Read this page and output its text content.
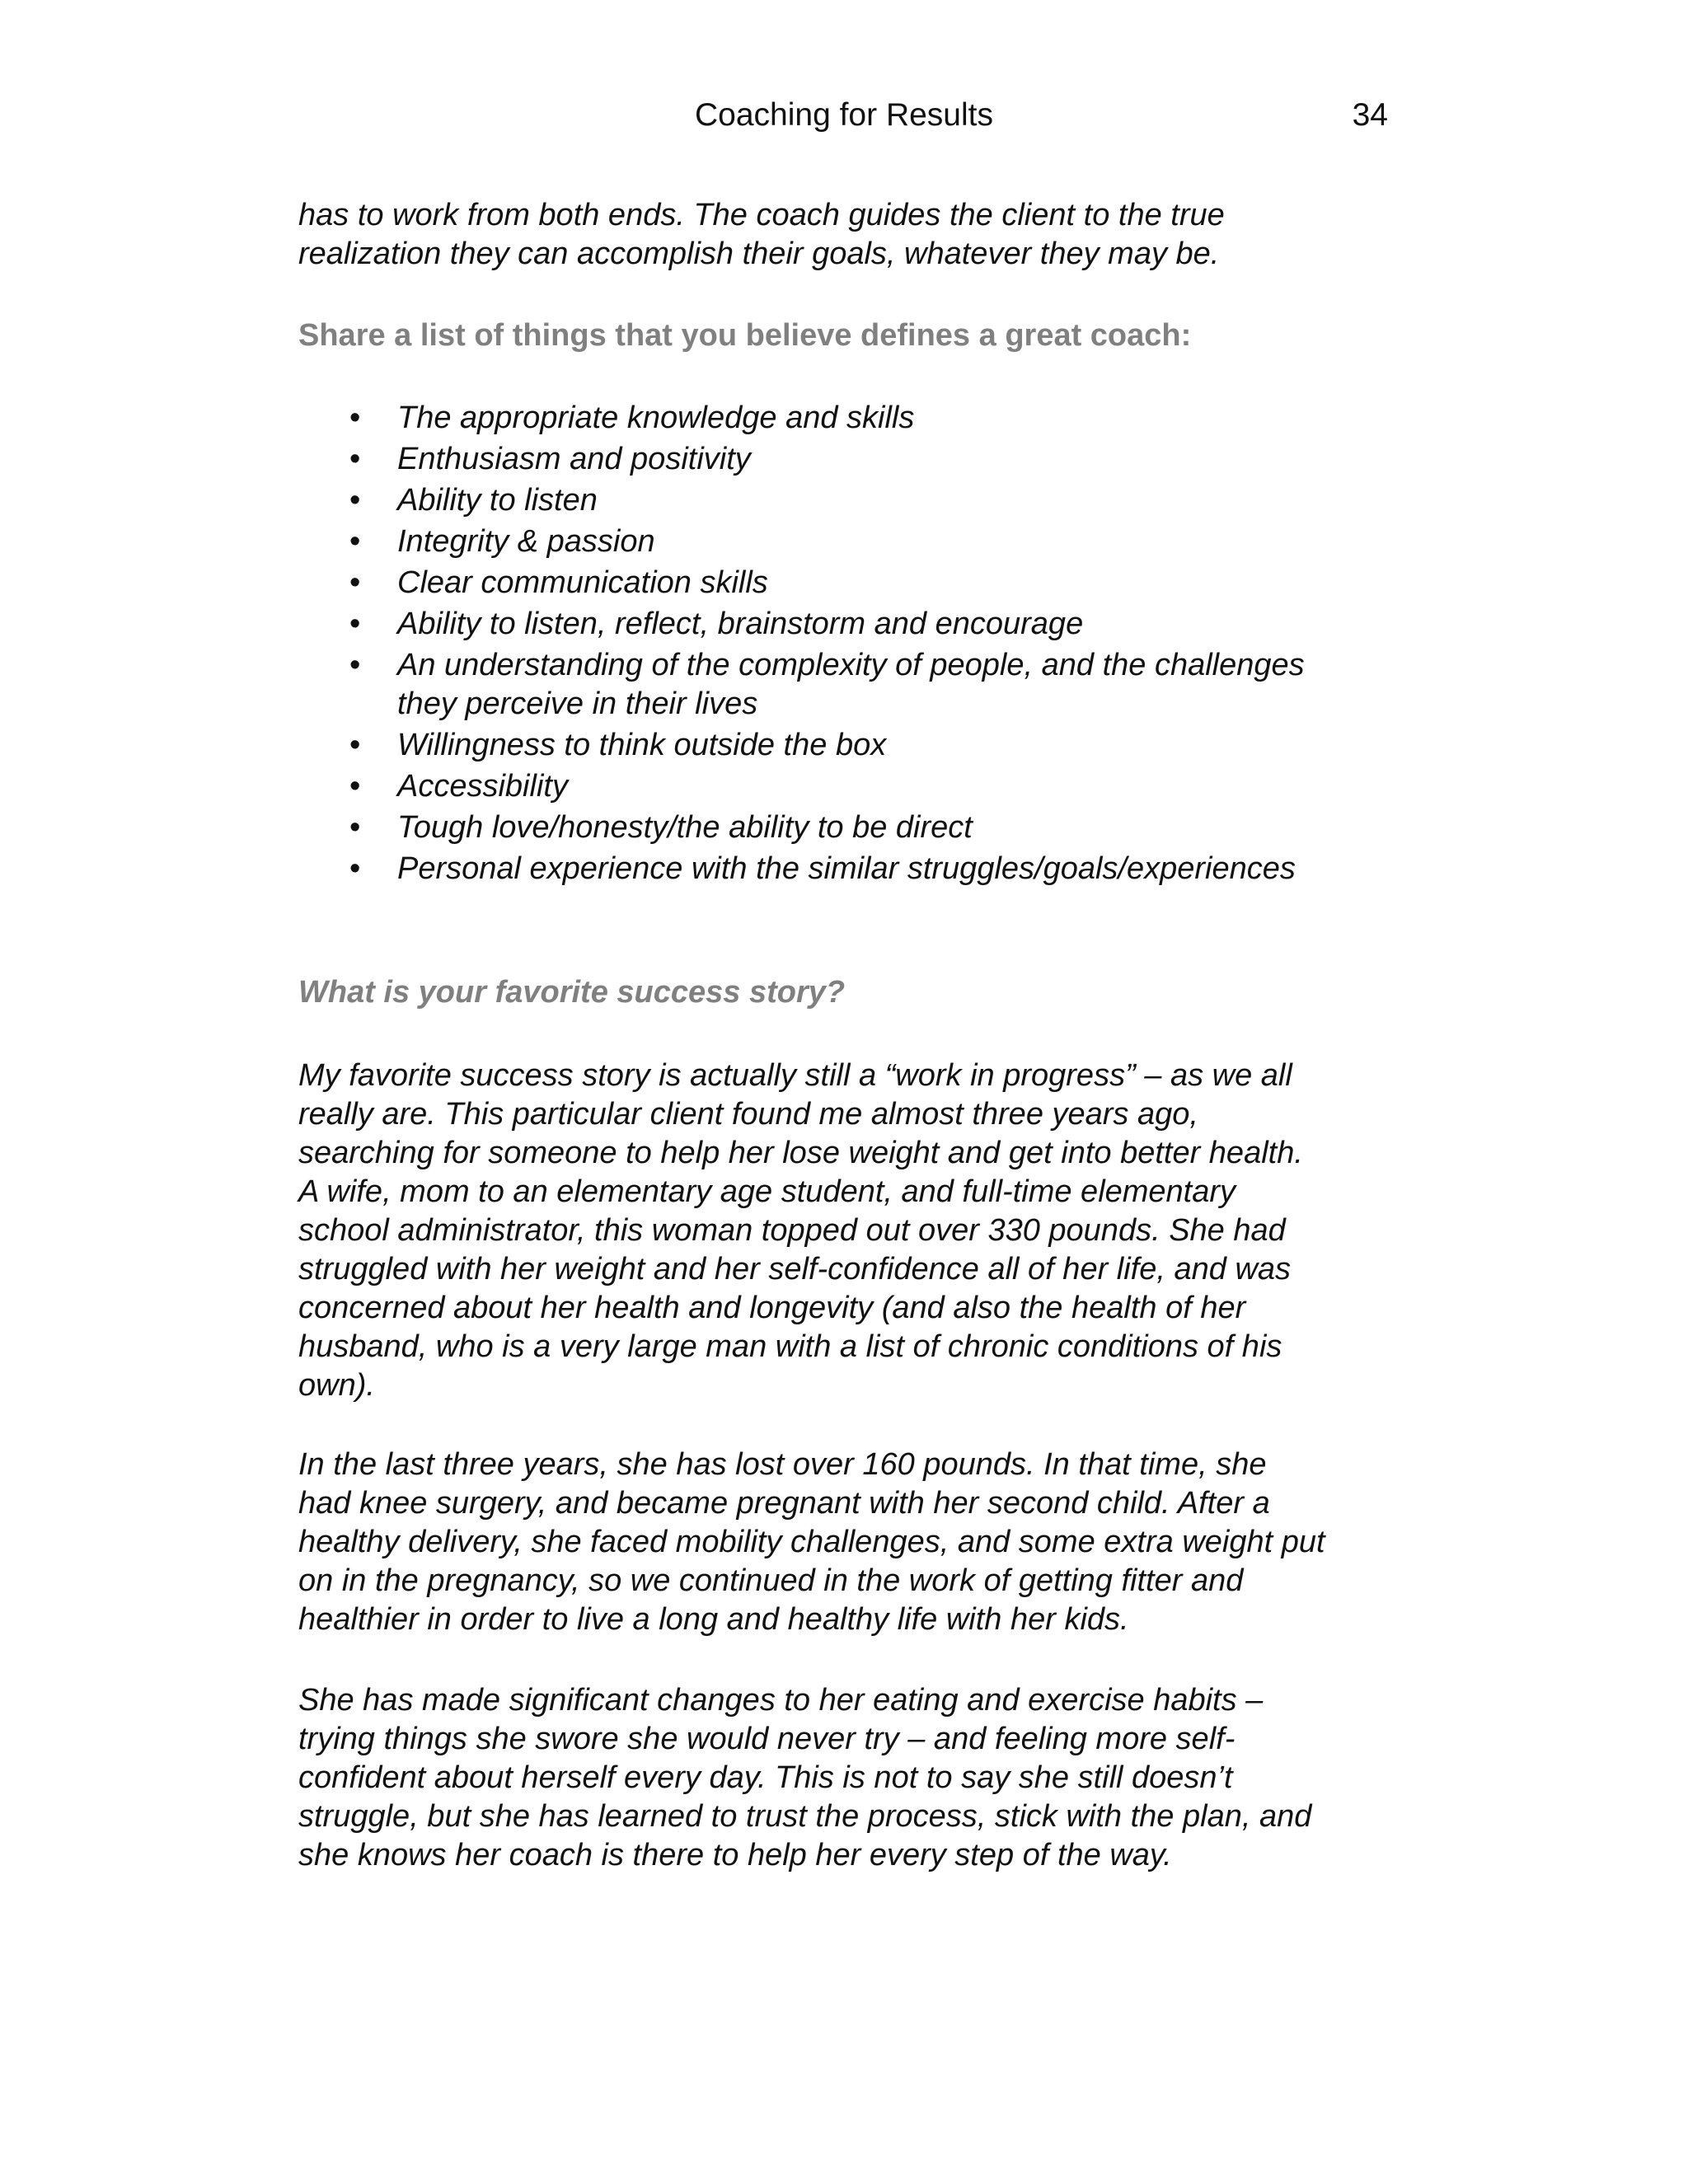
Coaching for Results	34

has to work from both ends. The coach guides the client to the true
realization they can accomplish their goals, whatever they may be.

Share a list of things that you believe defines a great coach:

• The appropriate knowledge and skills
• Enthusiasm and positivity
• Ability to listen
• Integrity & passion
• Clear communication skills
• Ability to listen, reflect, brainstorm and encourage
• An understanding of the complexity of people, and the challenges
they perceive in their lives
• Willingness to think outside the box
• Accessibility
• Tough love/honesty/the ability to be direct
• Personal experience with the similar struggles/goals/experiences

What is your favorite success story?

My favorite success story is actually still a “work in progress” – as we all
really are. This particular client found me almost three years ago,
searching for someone to help her lose weight and get into better health.
A wife, mom to an elementary age student, and full-time elementary
school administrator, this woman topped out over 330 pounds. She had
struggled with her weight and her self-confidence all of her life, and was
concerned about her health and longevity (and also the health of her
husband, who is a very large man with a list of chronic conditions of his
own).

In the last three years, she has lost over 160 pounds. In that time, she
had knee surgery, and became pregnant with her second child. After a
healthy delivery, she faced mobility challenges, and some extra weight put
on in the pregnancy, so we continued in the work of getting fitter and
healthier in order to live a long and healthy life with her kids.

She has made significant changes to her eating and exercise habits –
trying things she swore she would never try – and feeling more self-
confident about herself every day. This is not to say she still doesn’t
struggle, but she has learned to trust the process, stick with the plan, and
she knows her coach is there to help her every step of the way.
